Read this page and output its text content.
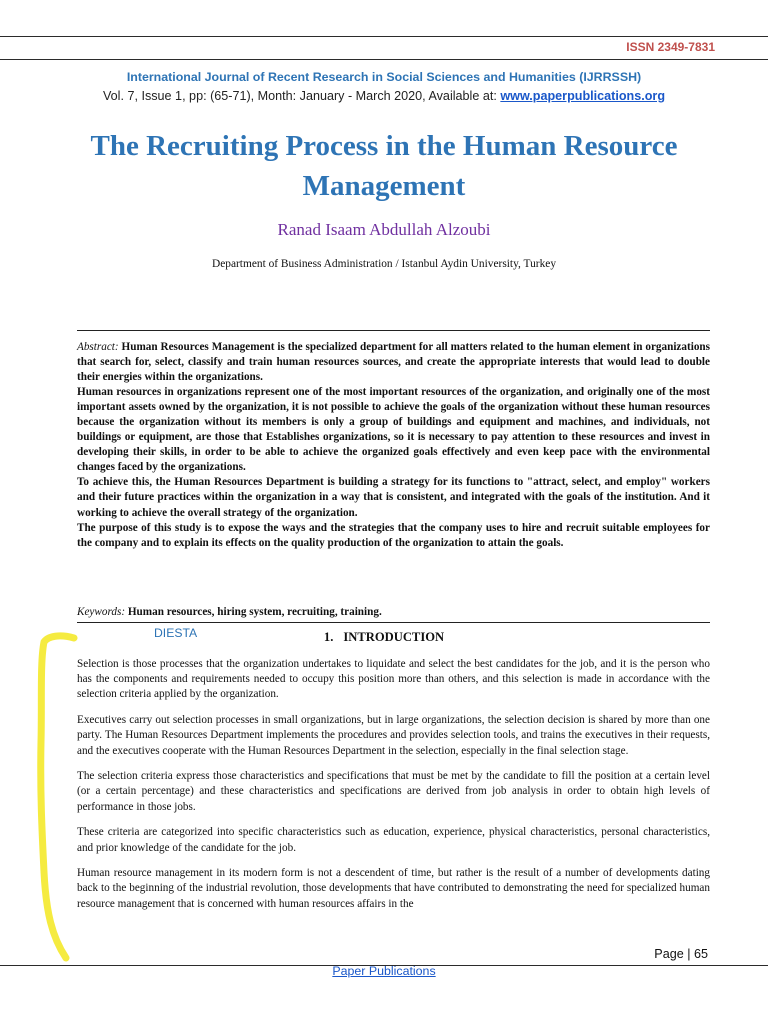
ISSN 2349-7831
International Journal of Recent Research in Social Sciences and Humanities (IJRRSSH)
Vol. 7, Issue 1, pp: (65-71), Month: January - March 2020, Available at: www.paperpublications.org
The Recruiting Process in the Human Resource Management
Ranad Isaam Abdullah Alzoubi
Department of Business Administration / Istanbul Aydin University, Turkey

Abstract: Human Resources Management is the specialized department for all matters related to the human element in organizations that search for, select, classify and train human resources sources, and create the appropriate interests that would lead to double their energies within the organizations.

Human resources in organizations represent one of the most important resources of the organization, and originally one of the most important assets owned by the organization, it is not possible to achieve the goals of the organization without these human resources because the organization without its members is only a group of buildings and equipment and machines, and individuals, not buildings or equipment, are those that Establishes organizations, so it is necessary to pay attention to these resources and invest in developing their skills, in order to be able to achieve the organized goals effectively and even keep pace with the environmental changes faced by the organizations.

To achieve this, the Human Resources Department is building a strategy for its functions to "attract, select, and employ" workers and their future practices within the organization in a way that is consistent, and integrated with the goals of the institution. And it working to achieve the overall strategy of the organization.

The purpose of this study is to expose the ways and the strategies that the company uses to hire and recruit suitable employees for the company and to explain its effects on the quality production of the organization to attain the goals.

Keywords: Human resources, hiring system, recruiting, training.
DIESTA	1. INTRODUCTION

Selection is those processes that the organization undertakes to liquidate and select the best candidates for the job, and it is the person who has the components and requirements needed to occupy this position more than others, and this selection is made in accordance with the selection criteria applied by the organization.

Executives carry out selection processes in small organizations, but in large organizations, the selection decision is shared by more than one party. The Human Resources Department implements the procedures and provides selection tools, and trains the executives in their requests, and the executives cooperate with the Human Resources Department in the selection, especially in the final selection stage.

The selection criteria express those characteristics and specifications that must be met by the candidate to fill the position at a certain level (or a certain percentage) and these characteristics and specifications are derived from job analysis in order to obtain high levels of performance in those jobs.

These criteria are categorized into specific characteristics such as education, experience, physical characteristics, personal characteristics, and prior knowledge of the candidate for the job.

Human resource management in its modern form is not a descendent of time, but rather is the result of a number of developments dating back to the beginning of the industrial revolution, those developments that have contributed to demonstrating the need for specialized human resource management that is concerned with human resources affairs in the

Page | 65
Paper Publications
